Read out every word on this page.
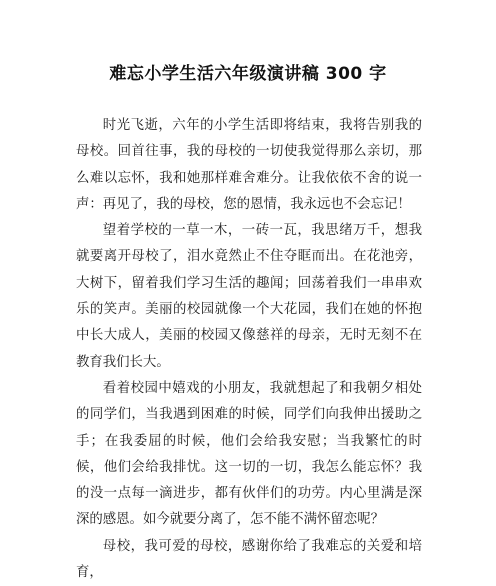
难忘小学生活六年级演讲稿 300 字

时光飞逝，六年的小学生活即将结束，我将告别我的母校。回首往事，我的母校的一切使我觉得那么亲切，那么难以忘怀，我和她那样难舍难分。让我依依不舍的说一声：再见了，我的母校，您的恩情，我永远也不会忘记！

望着学校的一草一木，一砖一瓦，我思绪万千，想我就要离开母校了，泪水竟然止不住夺眶而出。在花池旁，大树下，留着我们学习生活的趣闻；回荡着我们一串串欢乐的笑声。美丽的校园就像一个大花园，我们在她的怀抱中长大成人，美丽的校园又像慈祥的母亲，无时无刻不在教育我们长大。

看着校园中嬉戏的小朋友，我就想起了和我朝夕相处的同学们，当我遇到困难的时候，同学们向我伸出援助之手；在我委屈的时候，他们会给我安慰；当我繁忙的时候，他们会给我排忧。这一切的一切，我怎么能忘怀？我的没一点每一滴进步，都有伙伴们的功劳。内心里满是深深的感恩。如今就要分离了，怎不能不满怀留恋呢？

母校，我可爱的母校，感谢你给了我难忘的关爱和培育，
